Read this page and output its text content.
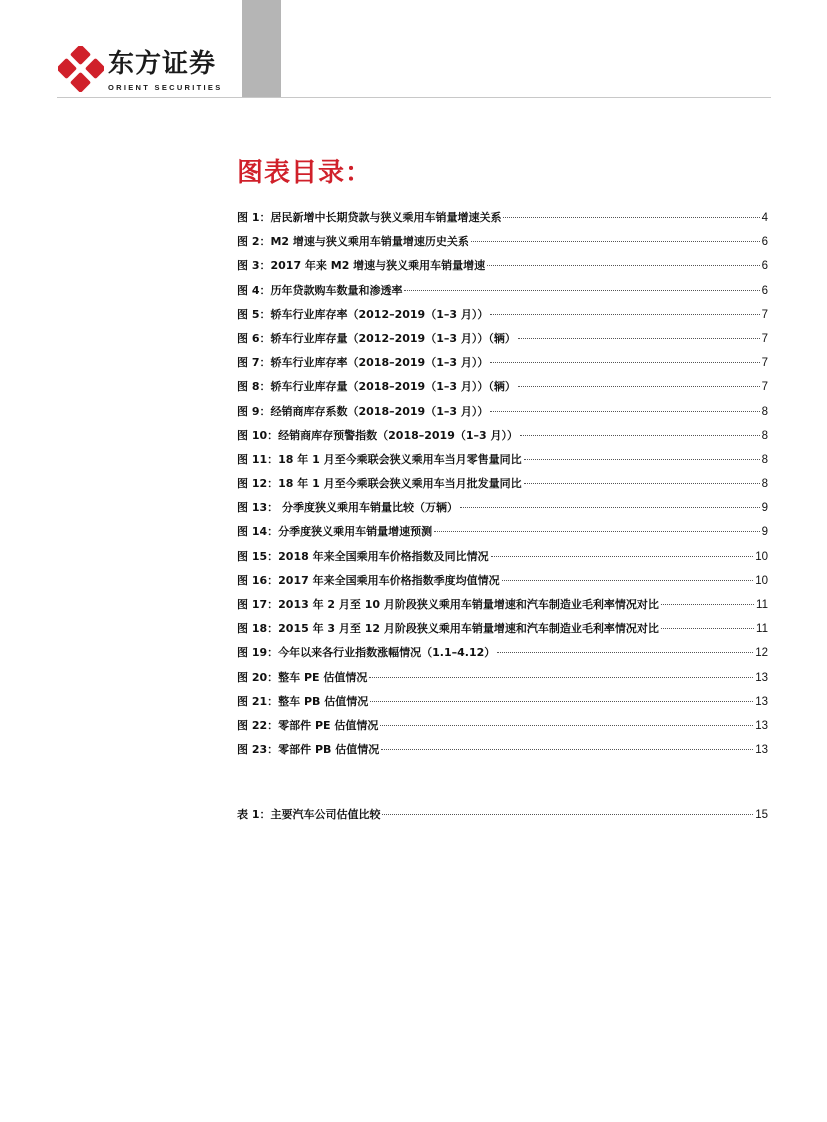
东方证券
ORIENT SECURITIES
图表目录：
图 1：居民新增中长期贷款与狭义乘用车销量增速关系	4
图 2：M2 增速与狭义乘用车销量增速历史关系	6
图 3：2017 年来 M2 增速与狭义乘用车销量增速	6
图 4：历年贷款购车数量和渗透率	6
图 5：轿车行业库存率（2012–2019（1–3 月））	7
图 6：轿车行业库存量（2012–2019（1–3 月））（辆）	7
图 7：轿车行业库存率（2018–2019（1–3 月））	7
图 8：轿车行业库存量（2018–2019（1–3 月））（辆）	7
图 9：经销商库存系数（2018–2019（1–3 月））	8
图 10：经销商库存预警指数（2018–2019（1–3 月））	8
图 11：18 年 1 月至今乘联会狭义乘用车当月零售量同比	8
图 12：18 年 1 月至今乘联会狭义乘用车当月批发量同比	8
图 13： 分季度狭义乘用车销量比较（万辆）	9
图 14：分季度狭义乘用车销量增速预测	9
图 15：2018 年来全国乘用车价格指数及同比情况	10
图 16：2017 年来全国乘用车价格指数季度均值情况	10
图 17：2013 年 2 月至 10 月阶段狭义乘用车销量增速和汽车制造业毛利率情况对比	11
图 18：2015 年 3 月至 12 月阶段狭义乘用车销量增速和汽车制造业毛利率情况对比	11
图 19：今年以来各行业指数涨幅情况（1.1–4.12）	12
图 20：整车 PE 估值情况	13
图 21：整车 PB 估值情况	13
图 22：零部件 PE 估值情况	13
图 23：零部件 PB 估值情况	13
表 1：主要汽车公司估值比较	15
